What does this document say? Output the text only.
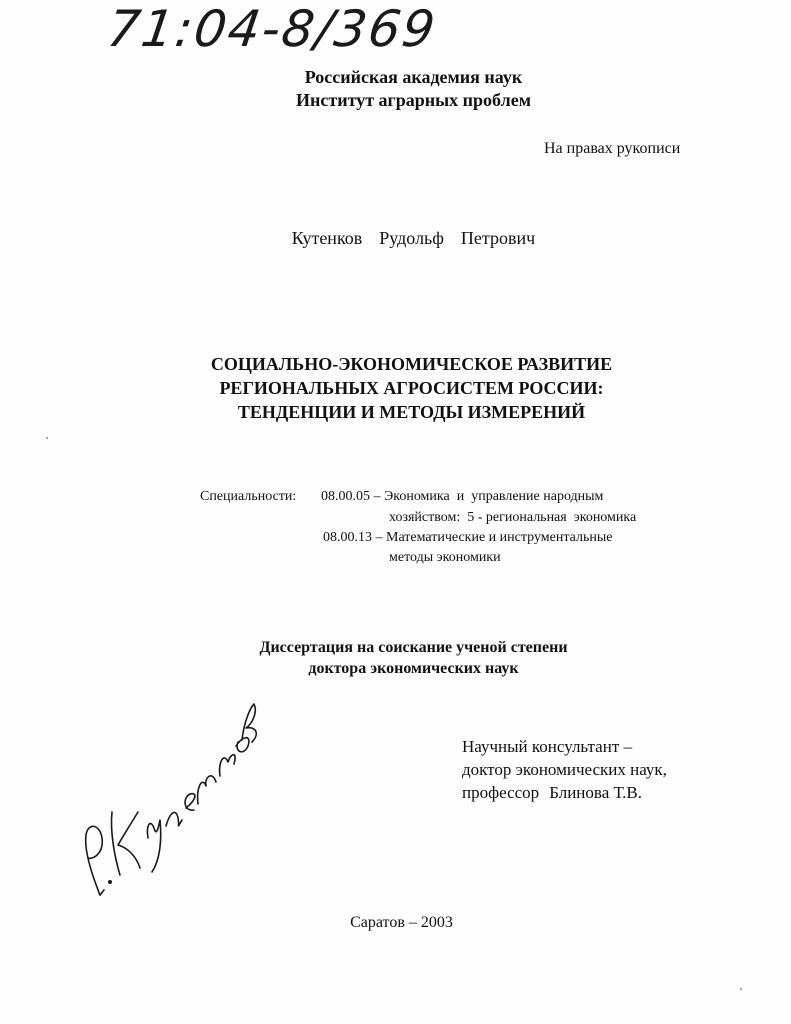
71:04-8/369
Российская академия наук
Институт аграрных проблем
На правах рукописи
Кутенков  Рудольф  Петрович
СОЦИАЛЬНО-ЭКОНОМИЧЕСКОЕ РАЗВИТИЕ
РЕГИОНАЛЬНЫХ АГРОСИСТЕМ РОССИИ:
ТЕНДЕНЦИИ И МЕТОДЫ ИЗМЕРЕНИЙ
Специальности: 08.00.05 – Экономика  и  управление народным
хозяйством:  5 - региональная  экономика
08.00.13 – Математические и инструментальные
методы экономики
Диссертация на соискание ученой степени
доктора экономических наук
Научный консультант –
доктор экономических наук,
профессор Блинова Т.В.
Саратов – 2003
